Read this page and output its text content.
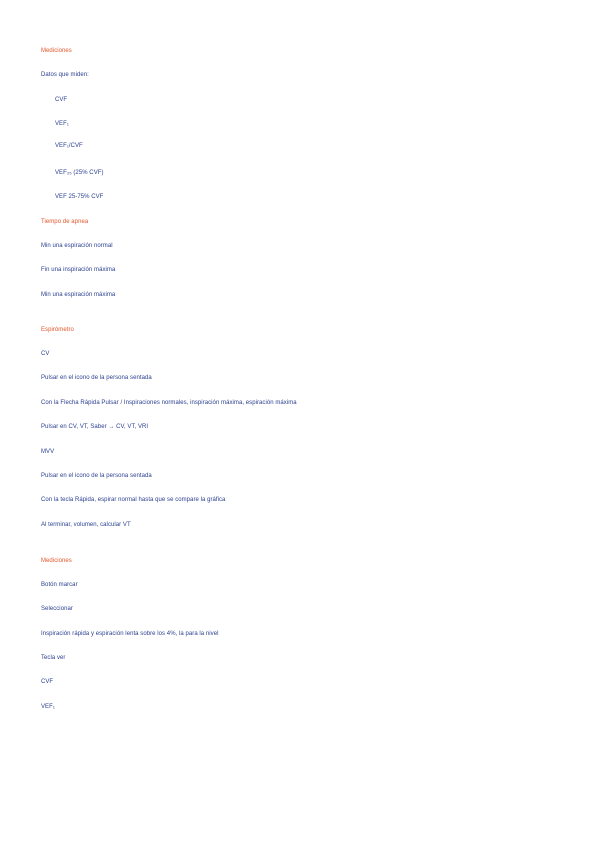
Mediciones
Datos que miden:
CVF
VEF₁
VEF₁/CVF
VEF₂₅ (25% CVF)
VEF 25-75% CVF
Tiempo de apnea
Min una espiración normal
Fin una inspiración máxima
Min una espiración máxima
Espirómetro
CV
Pulsar en el icono de la persona sentada
Con la Flecha Rápida Pulsar / Inspiraciones normales, inspiración máxima, espiración máxima
Pulsar en CV, VT, Saber → CV, VT, VRI
MVV
Pulsar en el icono de la persona sentada
Con la tecla Rápida, espirar normal hasta que se compare la gráfica
Al terminar, volumen, calcular VT
Mediciones
Botón marcar
Seleccionar
Inspiración rápida y espiración lenta sobre los 4%, la para la nivel
Tecla ver
CVF
VEF₁
